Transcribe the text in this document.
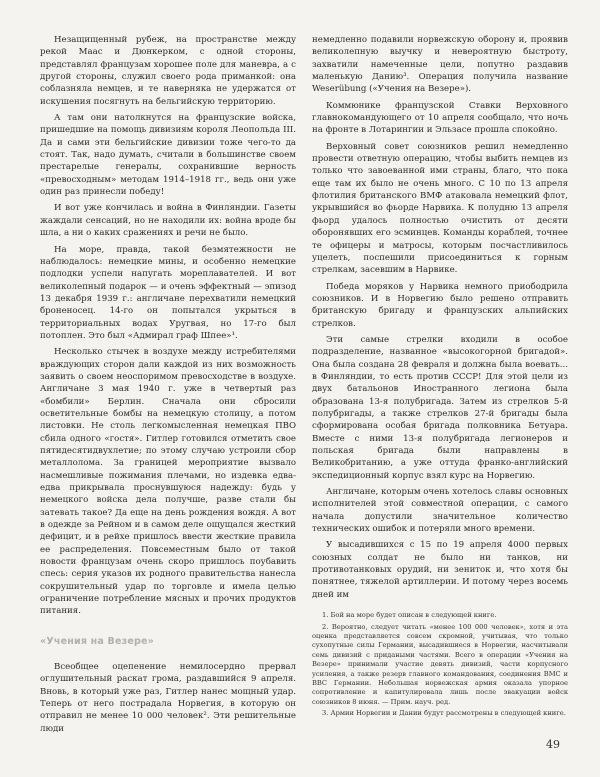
Незащищенный рубеж, на пространстве между рекой Маас и Дюнкерком, с одной стороны, представлял французам хорошее поле для маневра, а с другой стороны, служил своего рода приманкой: она соблазняла немцев, и те наверняка не удержатся от искушения посягнуть на бельгийскую территорию.

А там они натолкнутся на французские войска, пришедшие на помощь дивизиям короля Леопольда III. Да и сами эти бельгийские дивизии тоже чего-то да стоят. Так, надо думать, считали в большинстве своем престарелые генералы, сохранившие верность «превосходным» методам 1914–1918 гг., ведь они уже один раз принесли победу!

И вот уже кончилась и война в Финляндии. Газеты жаждали сенсаций, но не находили их: война вроде бы шла, а ни о каких сражениях и речи не было.

На море, правда, такой безмятежности не наблюдалось: немецкие мины, и особенно немецкие подлодки успели напугать мореплавателей. И вот великолепный подарок — и очень эффектный — эпизод 13 декабря 1939 г.: англичане перехватили немецкий броненосец. 14-го он попытался укрыться в территориальных водах Уругвая, но 17-го был потоплен. Это был «Адмирал граф Шпее»¹.

Несколько стычек в воздухе между истребителями враждующих сторон дали каждой из них возможность заявить о своем неоспоримом превосходстве в воздухе. Англичане 3 мая 1940 г. уже в четвертый раз «бомбили» Берлин. Сначала они сбросили осветительные бомбы на немецкую столицу, а потом листовки. Не столь легкомысленная немецкая ПВО сбила одного «гостя». Гитлер готовился отметить свое пятидесятидвухлетие; по этому случаю устроили сбор металлолома. За границей мероприятие вызвало насмешливые пожимания плечами, но издевка едва-едва прикрывала проснувшуюся надежду: будь у немецкого войска дела получше, разве стали бы затевать такое? Да еще на день рождения вождя. А вот в одежде за Рейном и в самом деле ощущался жесткий дефицит, и в рейхе пришлось ввести жесткие правила ее распределения. Повсеместным было от такой новости французам очень скоро пришлось поубавить спесь: серия указов их родного правительства нанесла сокрушительный удар по торговле и имела целью ограничение потребление мясных и прочих продуктов питания.

«Учения на Везере»

Всеобщее оцепенение немилосердно прервал оглушительный раскат грома, раздавшийся 9 апреля. Вновь, в который уже раз, Гитлер нанес мощный удар. Теперь от него пострадала Норвегия, в которую он отправил не менее 10 000 человек². Эти решительные люди

немедленно подавили норвежскую оборону и, проявив великолепную выучку и невероятную быстроту, захватили намеченные цели, попутно раздавив маленькую Данию³. Операция получила название Weserübung («Учения на Везере»).

Коммюнике французской Ставки Верховного главнокомандующего от 10 апреля сообщало, что ночь на фронте в Лотарингии и Эльзасе прошла спокойно.

Верховный совет союзников решил немедленно провести ответную операцию, чтобы выбить немцев из только что завоеванной ими страны, благо, что пока еще там их было не очень много. С 10 по 13 апреля флотилия британского ВМФ атаковала немецкий флот, укрывшийся во фьорде Нарвика. К полудню 13 апреля фьорд удалось полностью очистить от десяти оборонявших его эсминцев. Команды кораблей, точнее те офицеры и матросы, которым посчастливилось уцелеть, поспешили присоединиться к горным стрелкам, засевшим в Нарвике.

Победа моряков у Нарвика немного приободрила союзников. И в Норвегию было решено отправить британскую бригаду и французских альпийских стрелков.

Эти самые стрелки входили в особое подразделение, названное «высокогорной бригадой». Она была создана 28 февраля и должна была воевать... в Финляндии, то есть против СССР! Для этой цели из двух батальонов Иностранного легиона была образована 13-я полубригада. Затем из стрелков 5-й полубригады, а также стрелков 27-й бригады была сформирована особая бригада полковника Бетуара. Вместе с ними 13-я полубригада легионеров и польская бригада были направлены в Великобританию, а уже оттуда франко-английский экспедиционный корпус взял курс на Норвегию.

Англичане, которым очень хотелось славы основных исполнителей этой совместной операции, с самого начала допустили значительное количество технических ошибок и потеряли много времени.

У высадившихся с 15 по 19 апреля 4000 первых союзных солдат не было ни танков, ни противотанковых орудий, ни зениток и, что хотя бы понятнее, тяжелой артиллерии. И потому через восемь дней им

1. Бой на море будет описан в следующей книге.

2. Вероятно, следует читать «менее 100 000 человек», хотя и эта оценка представляется совсем скромной, учитывая, что только сухопутные силы Германии, высадившиеся в Норвегии, насчитывали семь дивизий с придаными частями. Всего в операции «Учения на Везере» принимали участие девять дивизий, части корпусного усиления, а также резерв главного командования, соединения ВМС и ВВС Германии. Небольшая норвежская армия оказала упорное сопротивление и капитулировала лишь после эвакуации войск союзников 8 июня. — Прим. науч. ред.

3. Армии Норвегии и Дании будут рассмотрены в следующей книге.

49
